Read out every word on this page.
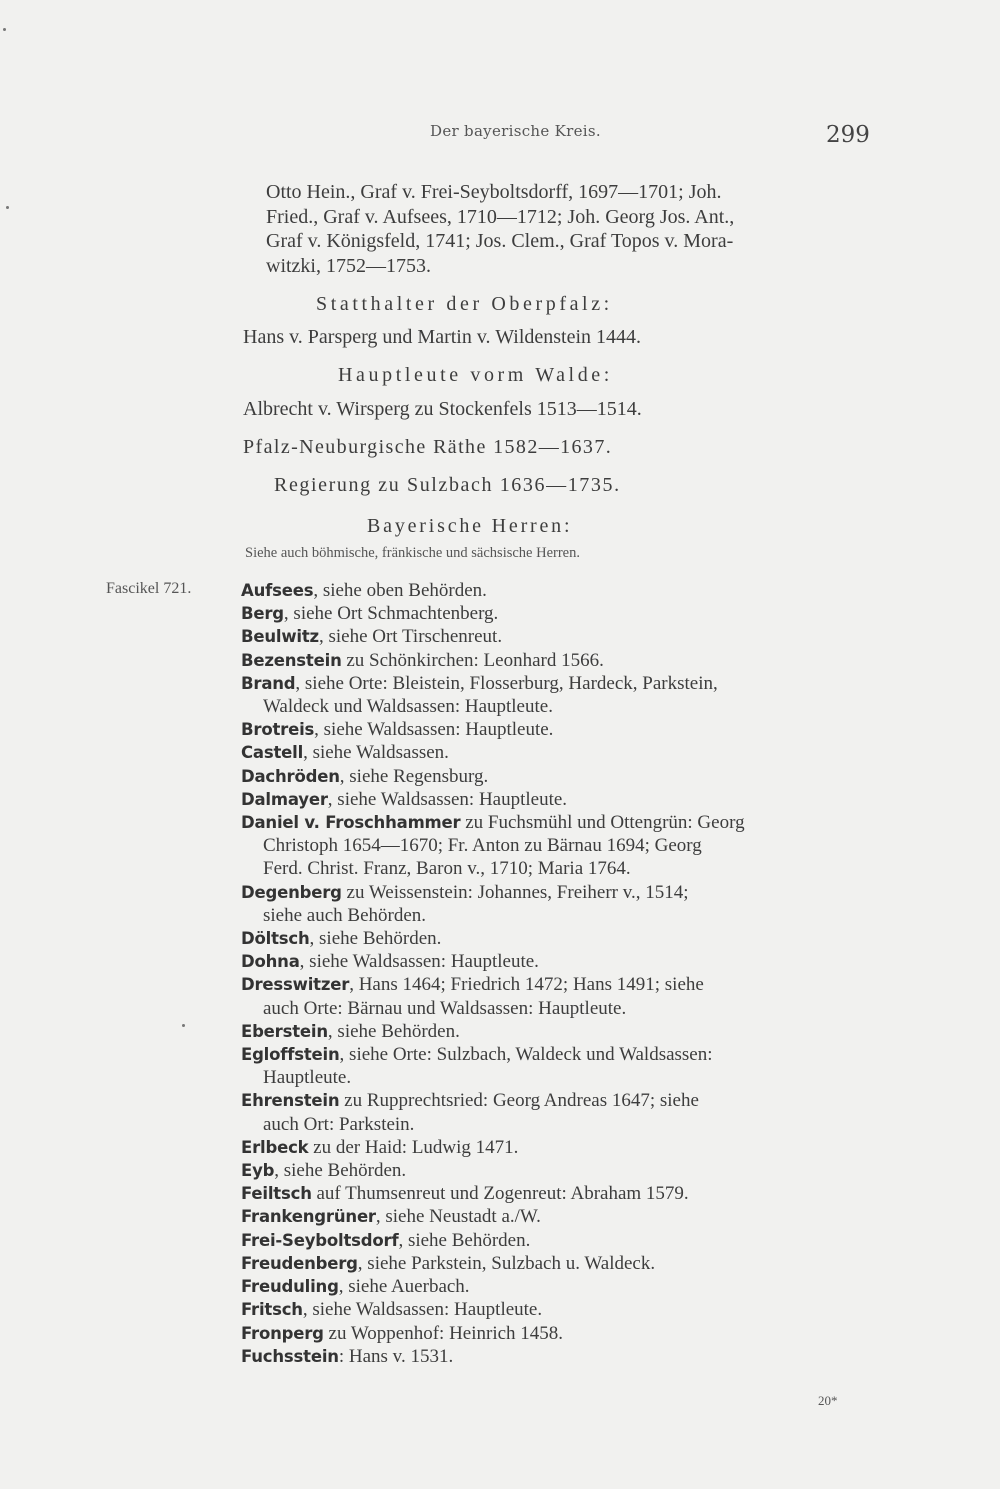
Der bayerische Kreis.	299
Otto Hein., Graf v. Frei-Seyboltsdorff, 1697—1701; Joh.
Fried., Graf v. Aufsees, 1710—1712; Joh. Georg Jos. Ant.,
Graf v. Königsfeld, 1741; Jos. Clem., Graf Topos v. Mora-
witzki, 1752—1753.
Statthalter der Oberpfalz:
Hans v. Parsperg und Martin v. Wildenstein 1444.
Hauptleute vorm Walde:
Albrecht v. Wirsperg zu Stockenfels 1513—1514.
Pfalz-Neuburgische Räthe 1582—1637.
Regierung zu Sulzbach 1636—1735.
Bayerische Herren:
Siehe auch böhmische, fränkische und sächsische Herren.
Fascikel 721.	Aufsees, siehe oben Behörden.
Berg, siehe Ort Schmachtenberg.
Beulwitz, siehe Ort Tirschenreut.
Bezenstein zu Schönkirchen: Leonhard 1566.
Brand, siehe Orte: Bleistein, Flosserburg, Hardeck, Parkstein,
Waldeck und Waldsassen: Hauptleute.
Brotreis, siehe Waldsassen: Hauptleute.
Castell, siehe Waldsassen.
Dachröden, siehe Regensburg.
Dalmayer, siehe Waldsassen: Hauptleute.
Daniel v. Froschhammer zu Fuchsmühl und Ottengrün: Georg
Christoph 1654—1670; Fr. Anton zu Bärnau 1694; Georg
Ferd. Christ. Franz, Baron v., 1710; Maria 1764.
Degenberg zu Weissenstein: Johannes, Freiherr v., 1514;
siehe auch Behörden.
Döltsch, siehe Behörden.
Dohna, siehe Waldsassen: Hauptleute.
Dresswitzer, Hans 1464; Friedrich 1472; Hans 1491; siehe
auch Orte: Bärnau und Waldsassen: Hauptleute.
Eberstein, siehe Behörden.
Egloffstein, siehe Orte: Sulzbach, Waldeck und Waldsassen:
Hauptleute.
Ehrenstein zu Rupprechtsried: Georg Andreas 1647; siehe
auch Ort: Parkstein.
Erlbeck zu der Haid: Ludwig 1471.
Eyb, siehe Behörden.
Feiltsch auf Thumsenreut und Zogenreut: Abraham 1579.
Frankengrüner, siehe Neustadt a./W.
Frei-Seyboltsdorf, siehe Behörden.
Freudenberg, siehe Parkstein, Sulzbach u. Waldeck.
Freuduling, siehe Auerbach.
Fritsch, siehe Waldsassen: Hauptleute.
Fronperg zu Woppenhof: Heinrich 1458.
Fuchsstein: Hans v. 1531.
20*
